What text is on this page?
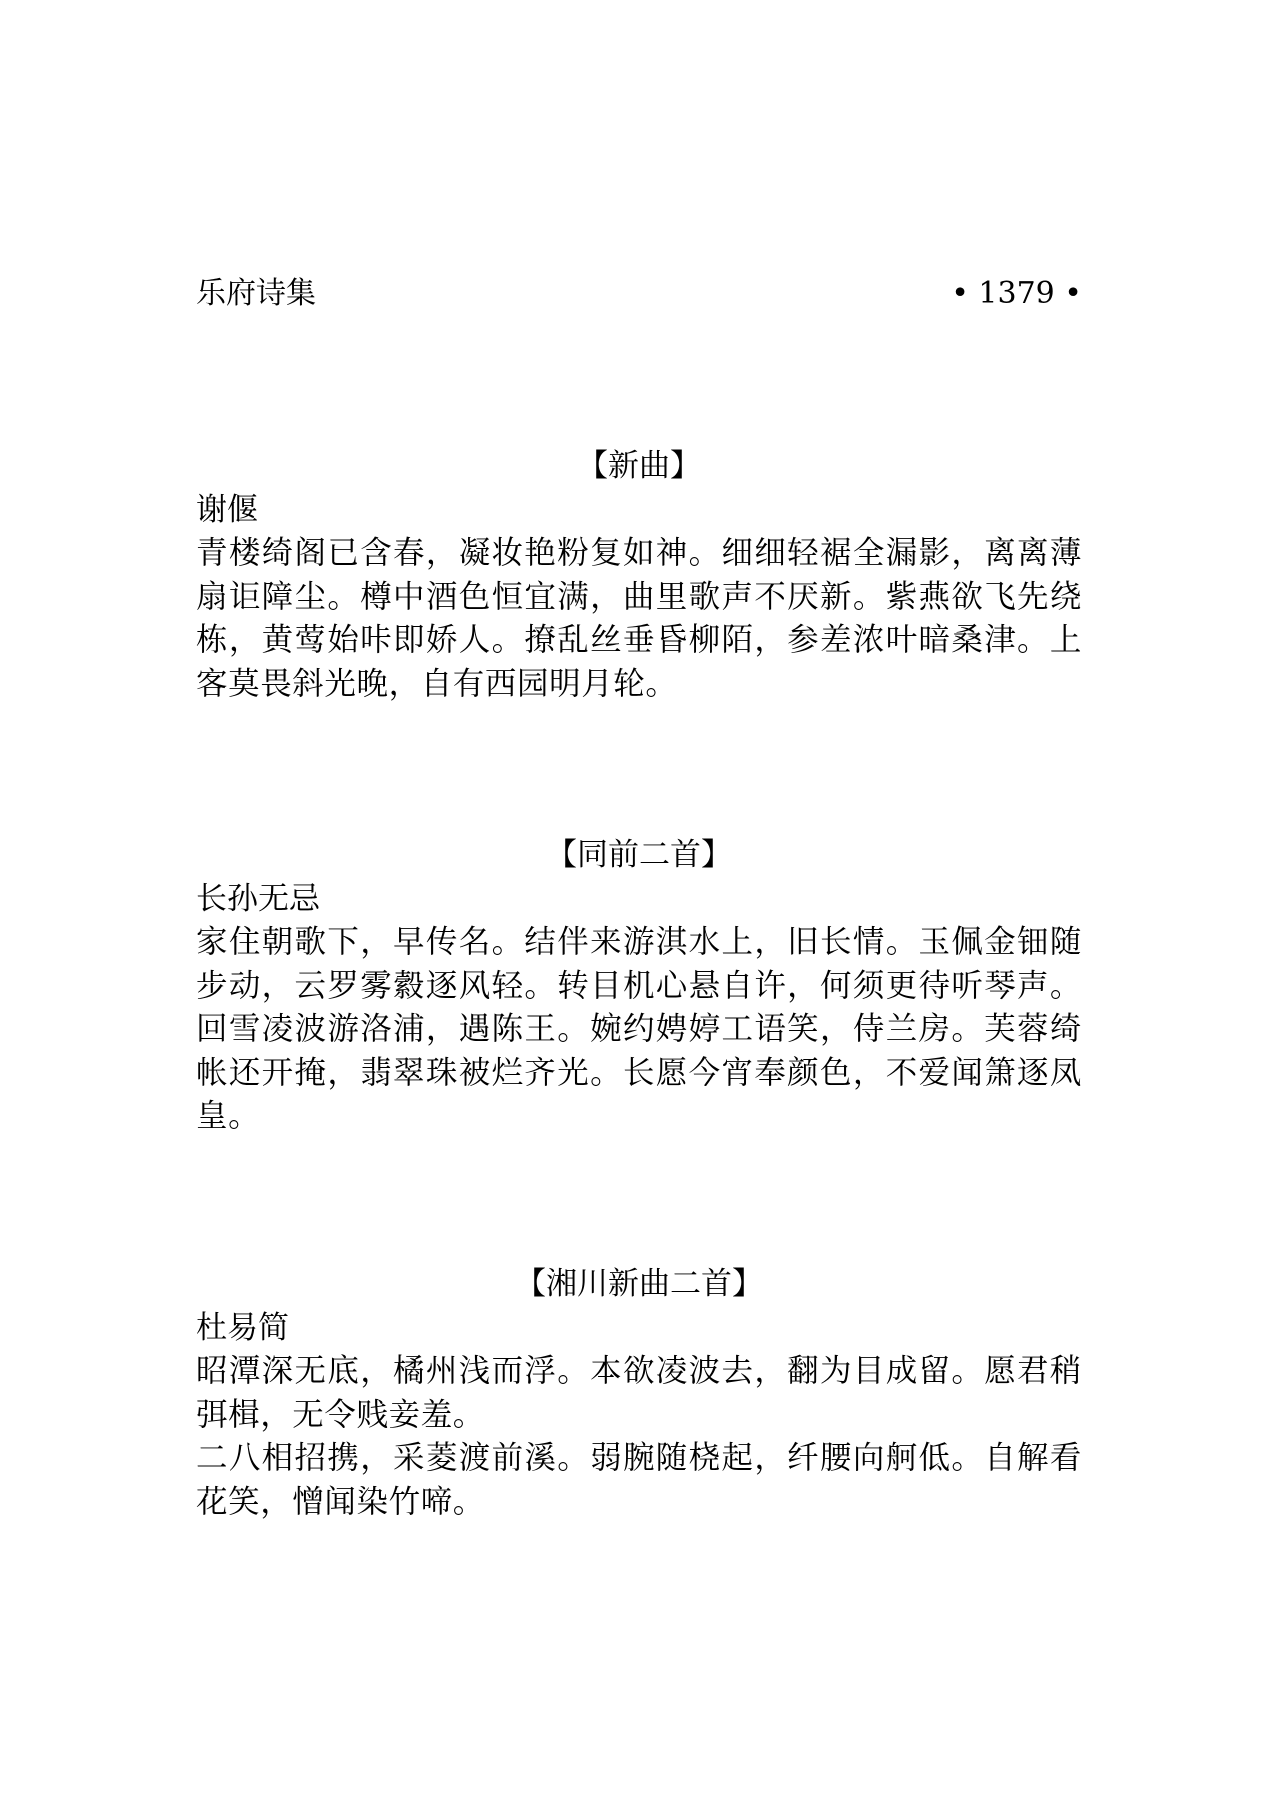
乐府诗集	• 1379 •
【新曲】
谢偃

青楼绮阁已含春，凝妆艳粉复如神。细细轻裾全漏影，离离薄扇讵障尘。樽中酒色恒宜满，曲里歌声不厌新。紫燕欲飞先绕栋，黄莺始咔即娇人。撩乱丝垂昏柳陌，参差浓叶暗桑津。上客莫畏斜光晚，自有西园明月轮。

【同前二首】
长孙无忌

家住朝歌下，早传名。结伴来游淇水上，旧长情。玉佩金钿随步动，云罗雾縠逐风轻。转目机心悬自许，何须更待听琴声。回雪凌波游洛浦，遇陈王。婉约娉婷工语笑，侍兰房。芙蓉绮帐还开掩，翡翠珠被烂齐光。长愿今宵奉颜色，不爱闻箫逐凤皇。

【湘川新曲二首】
杜易简

昭潭深无底，橘州浅而浮。本欲凌波去，翻为目成留。愿君稍弭楫，无令贱妾羞。

二八相招携，采菱渡前溪。弱腕随桡起，纤腰向舸低。自解看花笑，憎闻染竹啼。
